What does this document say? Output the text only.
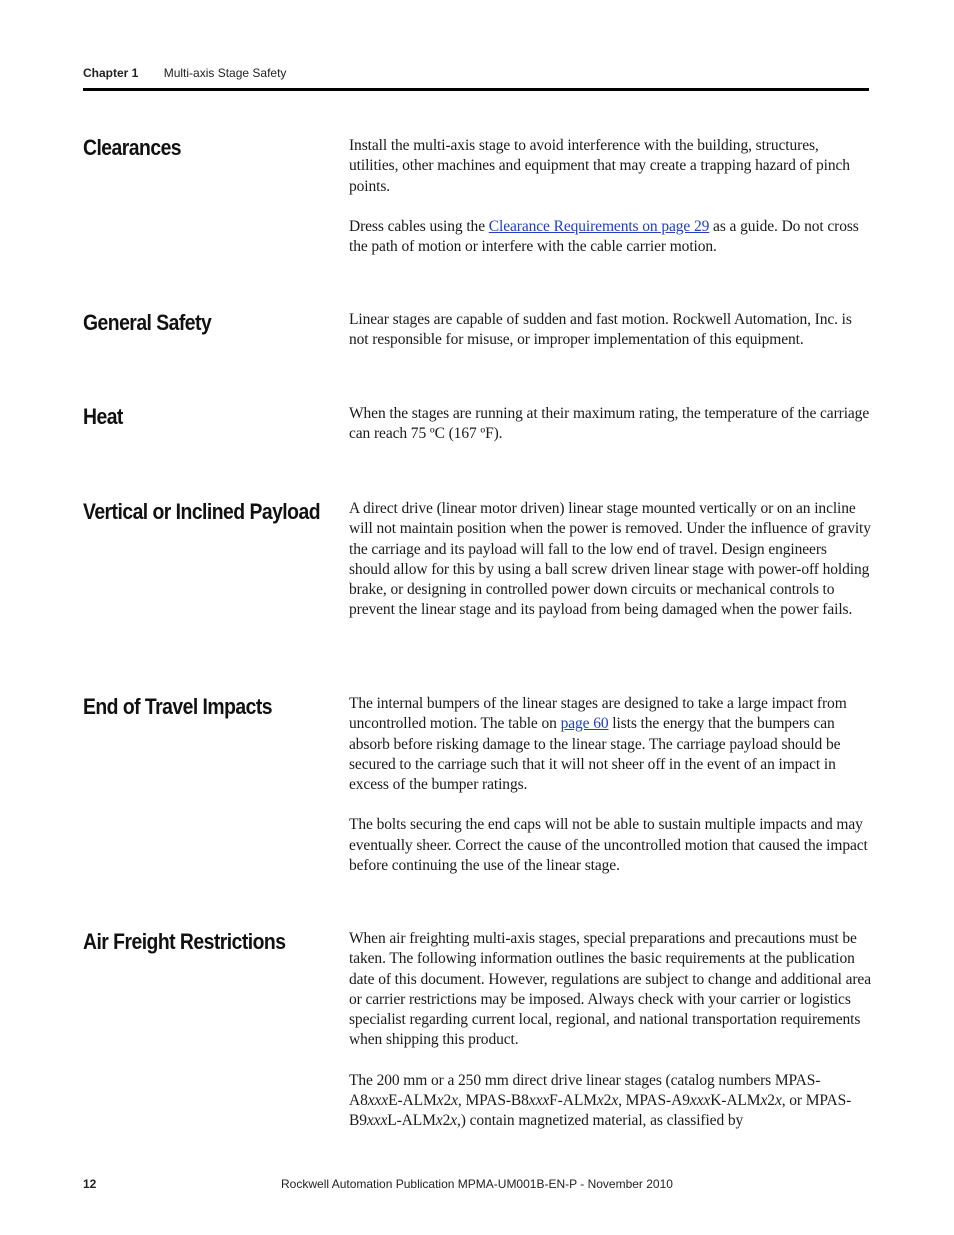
Chapter 1 Multi-axis Stage Safety
Clearances	Install the multi-axis stage to avoid interference with the building, structures, utilities, other machines and equipment that may create a trapping hazard of pinch points.

Dress cables using the Clearance Requirements on page 29 as a guide. Do not cross the path of motion or interfere with the cable carrier motion.

General Safety	Linear stages are capable of sudden and fast motion. Rockwell Automation, Inc. is not responsible for misuse, or improper implementation of this equipment.

Heat	When the stages are running at their maximum rating, the temperature of the carriage can reach 75 ºC (167 ºF).

Vertical or Inclined Payload A direct drive (linear motor driven) linear stage mounted vertically or on an incline will not maintain position when the power is removed. Under the influence of gravity the carriage and its payload will fall to the low end of travel. Design engineers should allow for this by using a ball screw driven linear stage with power-off holding brake, or designing in controlled power down circuits or mechanical controls to prevent the linear stage and its payload from being damaged when the power fails.

End of Travel Impacts	The internal bumpers of the linear stages are designed to take a large impact from uncontrolled motion. The table on page 60 lists the energy that the bumpers can absorb before risking damage to the linear stage. The carriage payload should be secured to the carriage such that it will not sheer off in the event of an impact in excess of the bumper ratings.

The bolts securing the end caps will not be able to sustain multiple impacts and may eventually sheer. Correct the cause of the uncontrolled motion that caused the impact before continuing the use of the linear stage.

Air Freight Restrictions	When air freighting multi-axis stages, special preparations and precautions must be taken. The following information outlines the basic requirements at the publication date of this document. However, regulations are subject to change and additional area or carrier restrictions may be imposed. Always check with your carrier or logistics specialist regarding current local, regional, and national transportation requirements when shipping this product.

The 200 mm or a 250 mm direct drive linear stages (catalog numbers MPAS-A8xxxE-ALMx2x, MPAS-B8xxxF-ALMx2x, MPAS-A9xxxK-ALMx2x, or MPAS-B9xxxL-ALMx2x,) contain magnetized material, as classified by

12	Rockwell Automation Publication MPMA-UM001B-EN-P - November 2010
